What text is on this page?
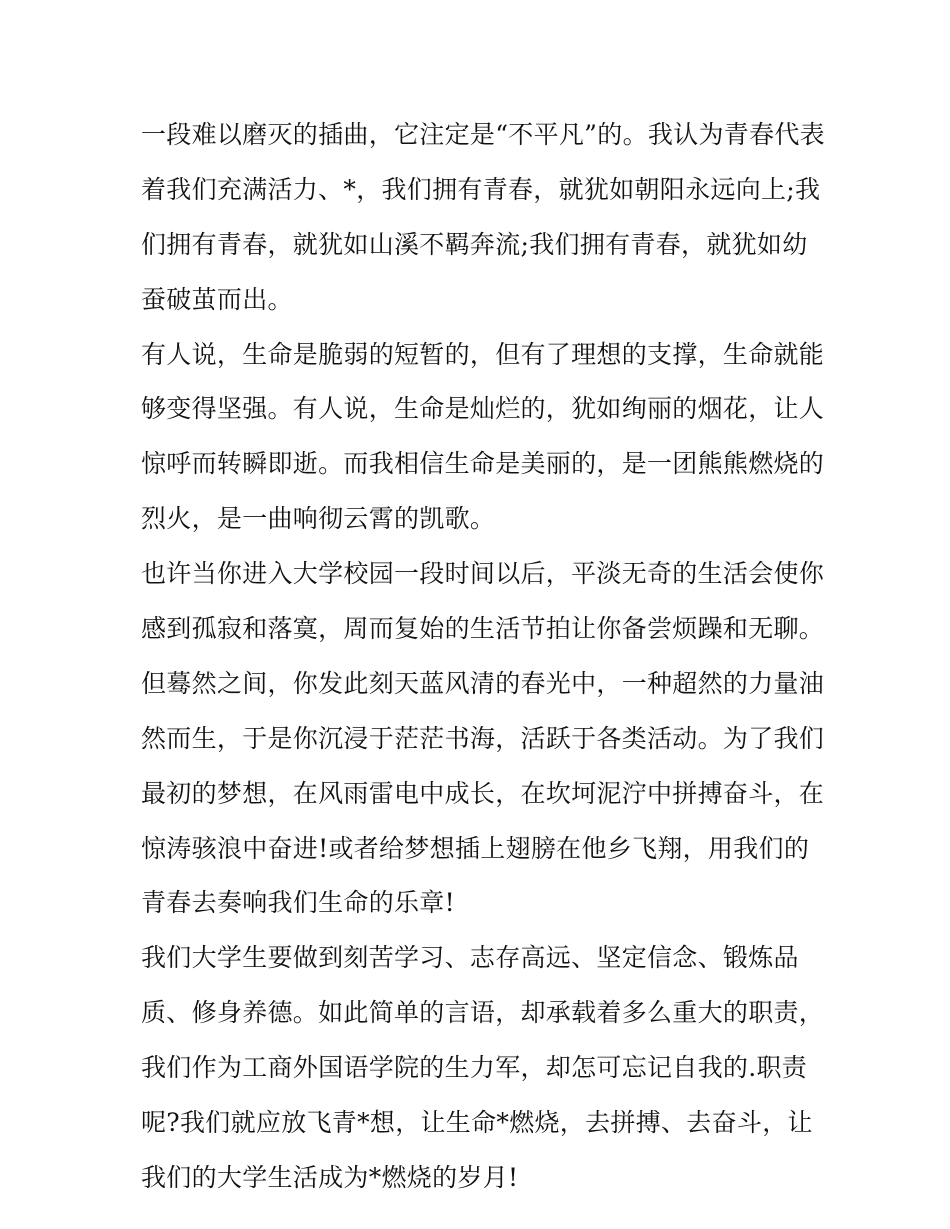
一段难以磨灭的插曲，它注定是“不平凡”的。我认为青春代表
着我们充满活力、*，我们拥有青春，就犹如朝阳永远向上;我
们拥有青春，就犹如山溪不羁奔流;我们拥有青春，就犹如幼
蚕破茧而出。
有人说，生命是脆弱的短暂的，但有了理想的支撑，生命就能
够变得坚强。有人说，生命是灿烂的，犹如绚丽的烟花，让人
惊呼而转瞬即逝。而我相信生命是美丽的，是一团熊熊燃烧的
烈火，是一曲响彻云霄的凯歌。
也许当你进入大学校园一段时间以后，平淡无奇的生活会使你
感到孤寂和落寞，周而复始的生活节拍让你备尝烦躁和无聊。
但蓦然之间，你发此刻天蓝风清的春光中，一种超然的力量油
然而生，于是你沉浸于茫茫书海，活跃于各类活动。为了我们
最初的梦想，在风雨雷电中成长，在坎坷泥泞中拼搏奋斗，在
惊涛骇浪中奋进!或者给梦想插上翅膀在他乡飞翔，用我们的
青春去奏响我们生命的乐章!
我们大学生要做到刻苦学习、志存高远、坚定信念、锻炼品
质、修身养德。如此简单的言语，却承载着多么重大的职责，
我们作为工商外国语学院的生力军，却怎可忘记自我的.职责
呢?我们就应放飞青*想，让生命*燃烧，去拼搏、去奋斗，让
我们的大学生活成为*燃烧的岁月!
